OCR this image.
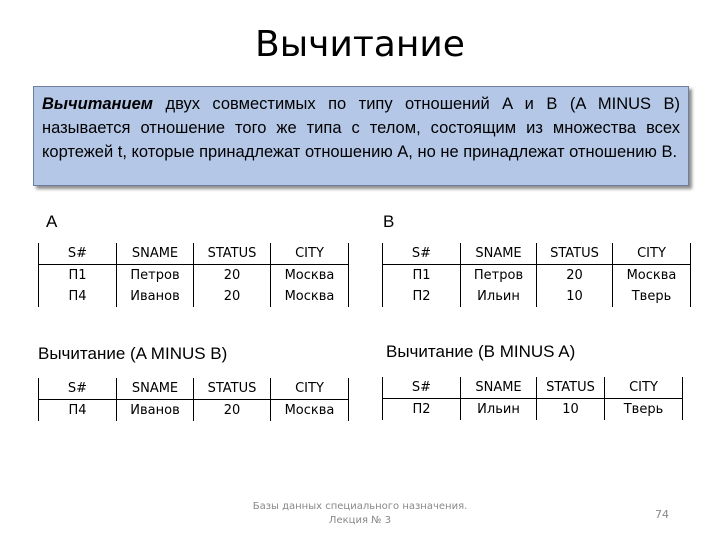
Вычитание
Вычитанием двух совместимых по типу отношений A и B (A MINUS B) называется отношение того же типа с телом, состоящим из множества всех кортежей t, которые принадлежат отношению A, но не принадлежат отношению B.
A	B
S#	SNAME	STATUS	CITY
П1	Петров	20	Москва
П4	Иванов	20	Москва
S#	SNAME	STATUS	CITY
П1	Петров	20	Москва
П2	Ильин	10	Тверь
Вычитание (A MINUS B)	Вычитание (B MINUS A)
S#	SNAME	STATUS	CITY
П4	Иванов	20	Москва
S#	SNAME	STATUS	CITY
П2	Ильин	10	Тверь
Базы данных специального назначения.
Лекция № 3	74
